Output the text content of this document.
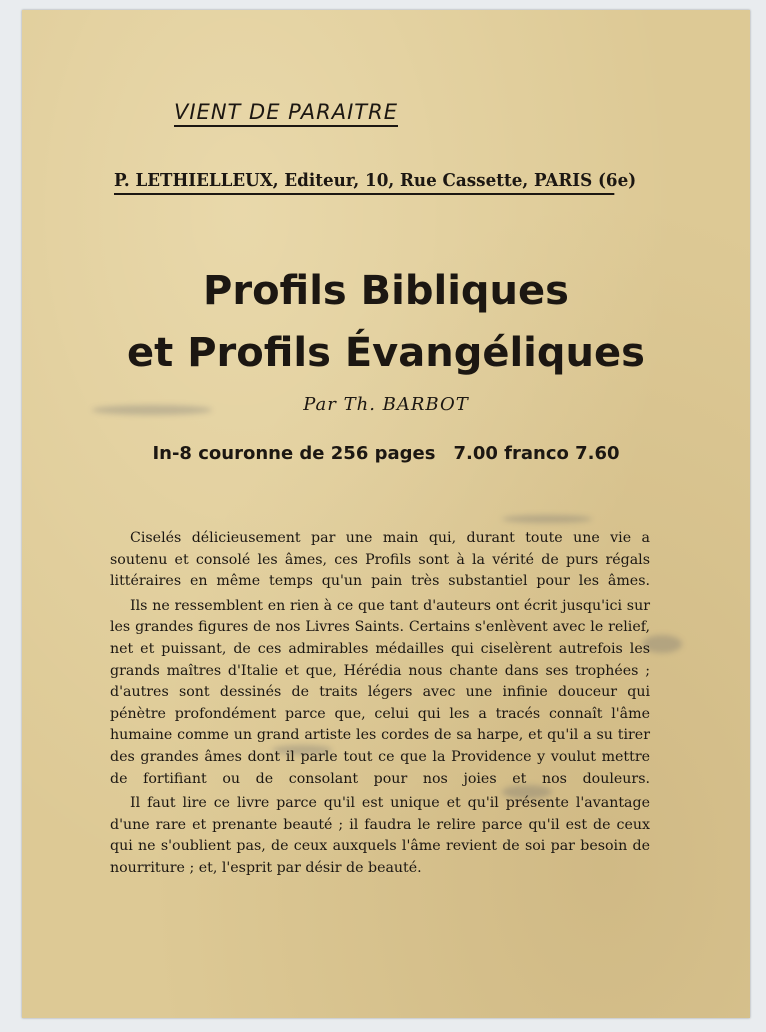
VIENT DE PARAITRE
P. LETHIELLEUX, Editeur, 10, Rue Cassette, PARIS (6e)
Profils Bibliques
et Profils Évangéliques
Par Th. BARBOT
In-8 couronne de 256 pages 7.00 franco 7.60

Ciselés délicieusement par une main qui, durant toute une vie a soutenu et consolé les âmes, ces Profils sont à la vérité de purs régals littéraires en même temps qu'un pain très substantiel pour les âmes.

Ils ne ressemblent en rien à ce que tant d'auteurs ont écrit jusqu'ici sur les grandes figures de nos Livres Saints. Certains s'enlèvent avec le relief, net et puissant, de ces admirables médailles qui ciselèrent autrefois les grands maîtres d'Italie et que, Hérédia nous chante dans ses trophées ; d'autres sont dessinés de traits légers avec une infinie douceur qui pénètre profondément parce que, celui qui les a tracés connaît l'âme humaine comme un grand artiste les cordes de sa harpe, et qu'il a su tirer des grandes âmes dont il parle tout ce que la Providence y voulut mettre de fortifiant ou de consolant pour nos joies et nos douleurs.

Il faut lire ce livre parce qu'il est unique et qu'il présente l'avantage d'une rare et prenante beauté ; il faudra le relire parce qu'il est de ceux qui ne s'oublient pas, de ceux auxquels l'âme revient de soi par besoin de nourriture ; et, l'esprit par désir de beauté.
